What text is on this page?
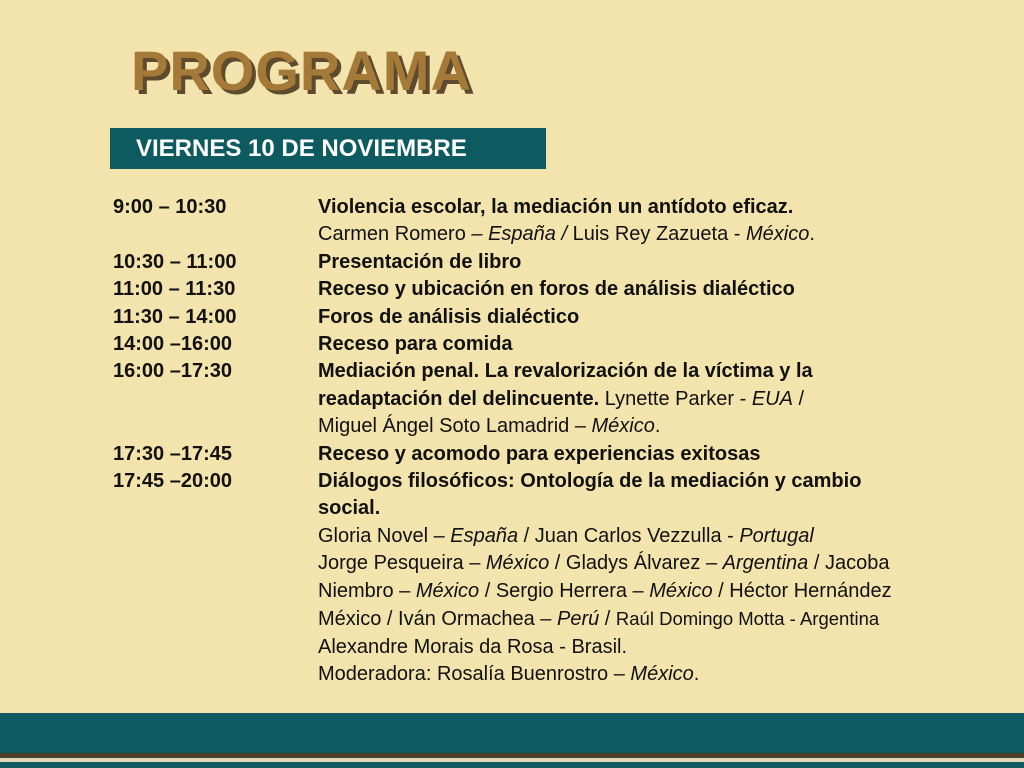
PROGRAMA
VIERNES 10 DE NOVIEMBRE
9:00 – 10:30	Violencia escolar, la mediación un antídoto eficaz.
Carmen Romero – España / Luis Rey Zazueta - México.
10:30 – 11:00	Presentación de libro
11:00 – 11:30	Receso y ubicación en foros de análisis dialéctico
11:30 – 14:00	Foros de análisis dialéctico
14:00 –16:00	Receso para comida
16:00 –17:30	Mediación penal. La revalorización de la víctima y la
readaptación del delincuente. Lynette Parker - EUA /
Miguel Ángel Soto Lamadrid – México.
17:30 –17:45	Receso y acomodo para experiencias exitosas
17:45 –20:00	Diálogos filosóficos: Ontología de la mediación y cambio
social.
Gloria Novel – España / Juan Carlos Vezzulla - Portugal
Jorge Pesqueira – México / Gladys Álvarez – Argentina / Jacoba
Niembro – México / Sergio Herrera – México / Héctor Hernández
México / Iván Ormachea – Perú / Raúl Domingo Motta - Argentina
Alexandre Morais da Rosa - Brasil.
Moderadora: Rosalía Buenrostro – México.
